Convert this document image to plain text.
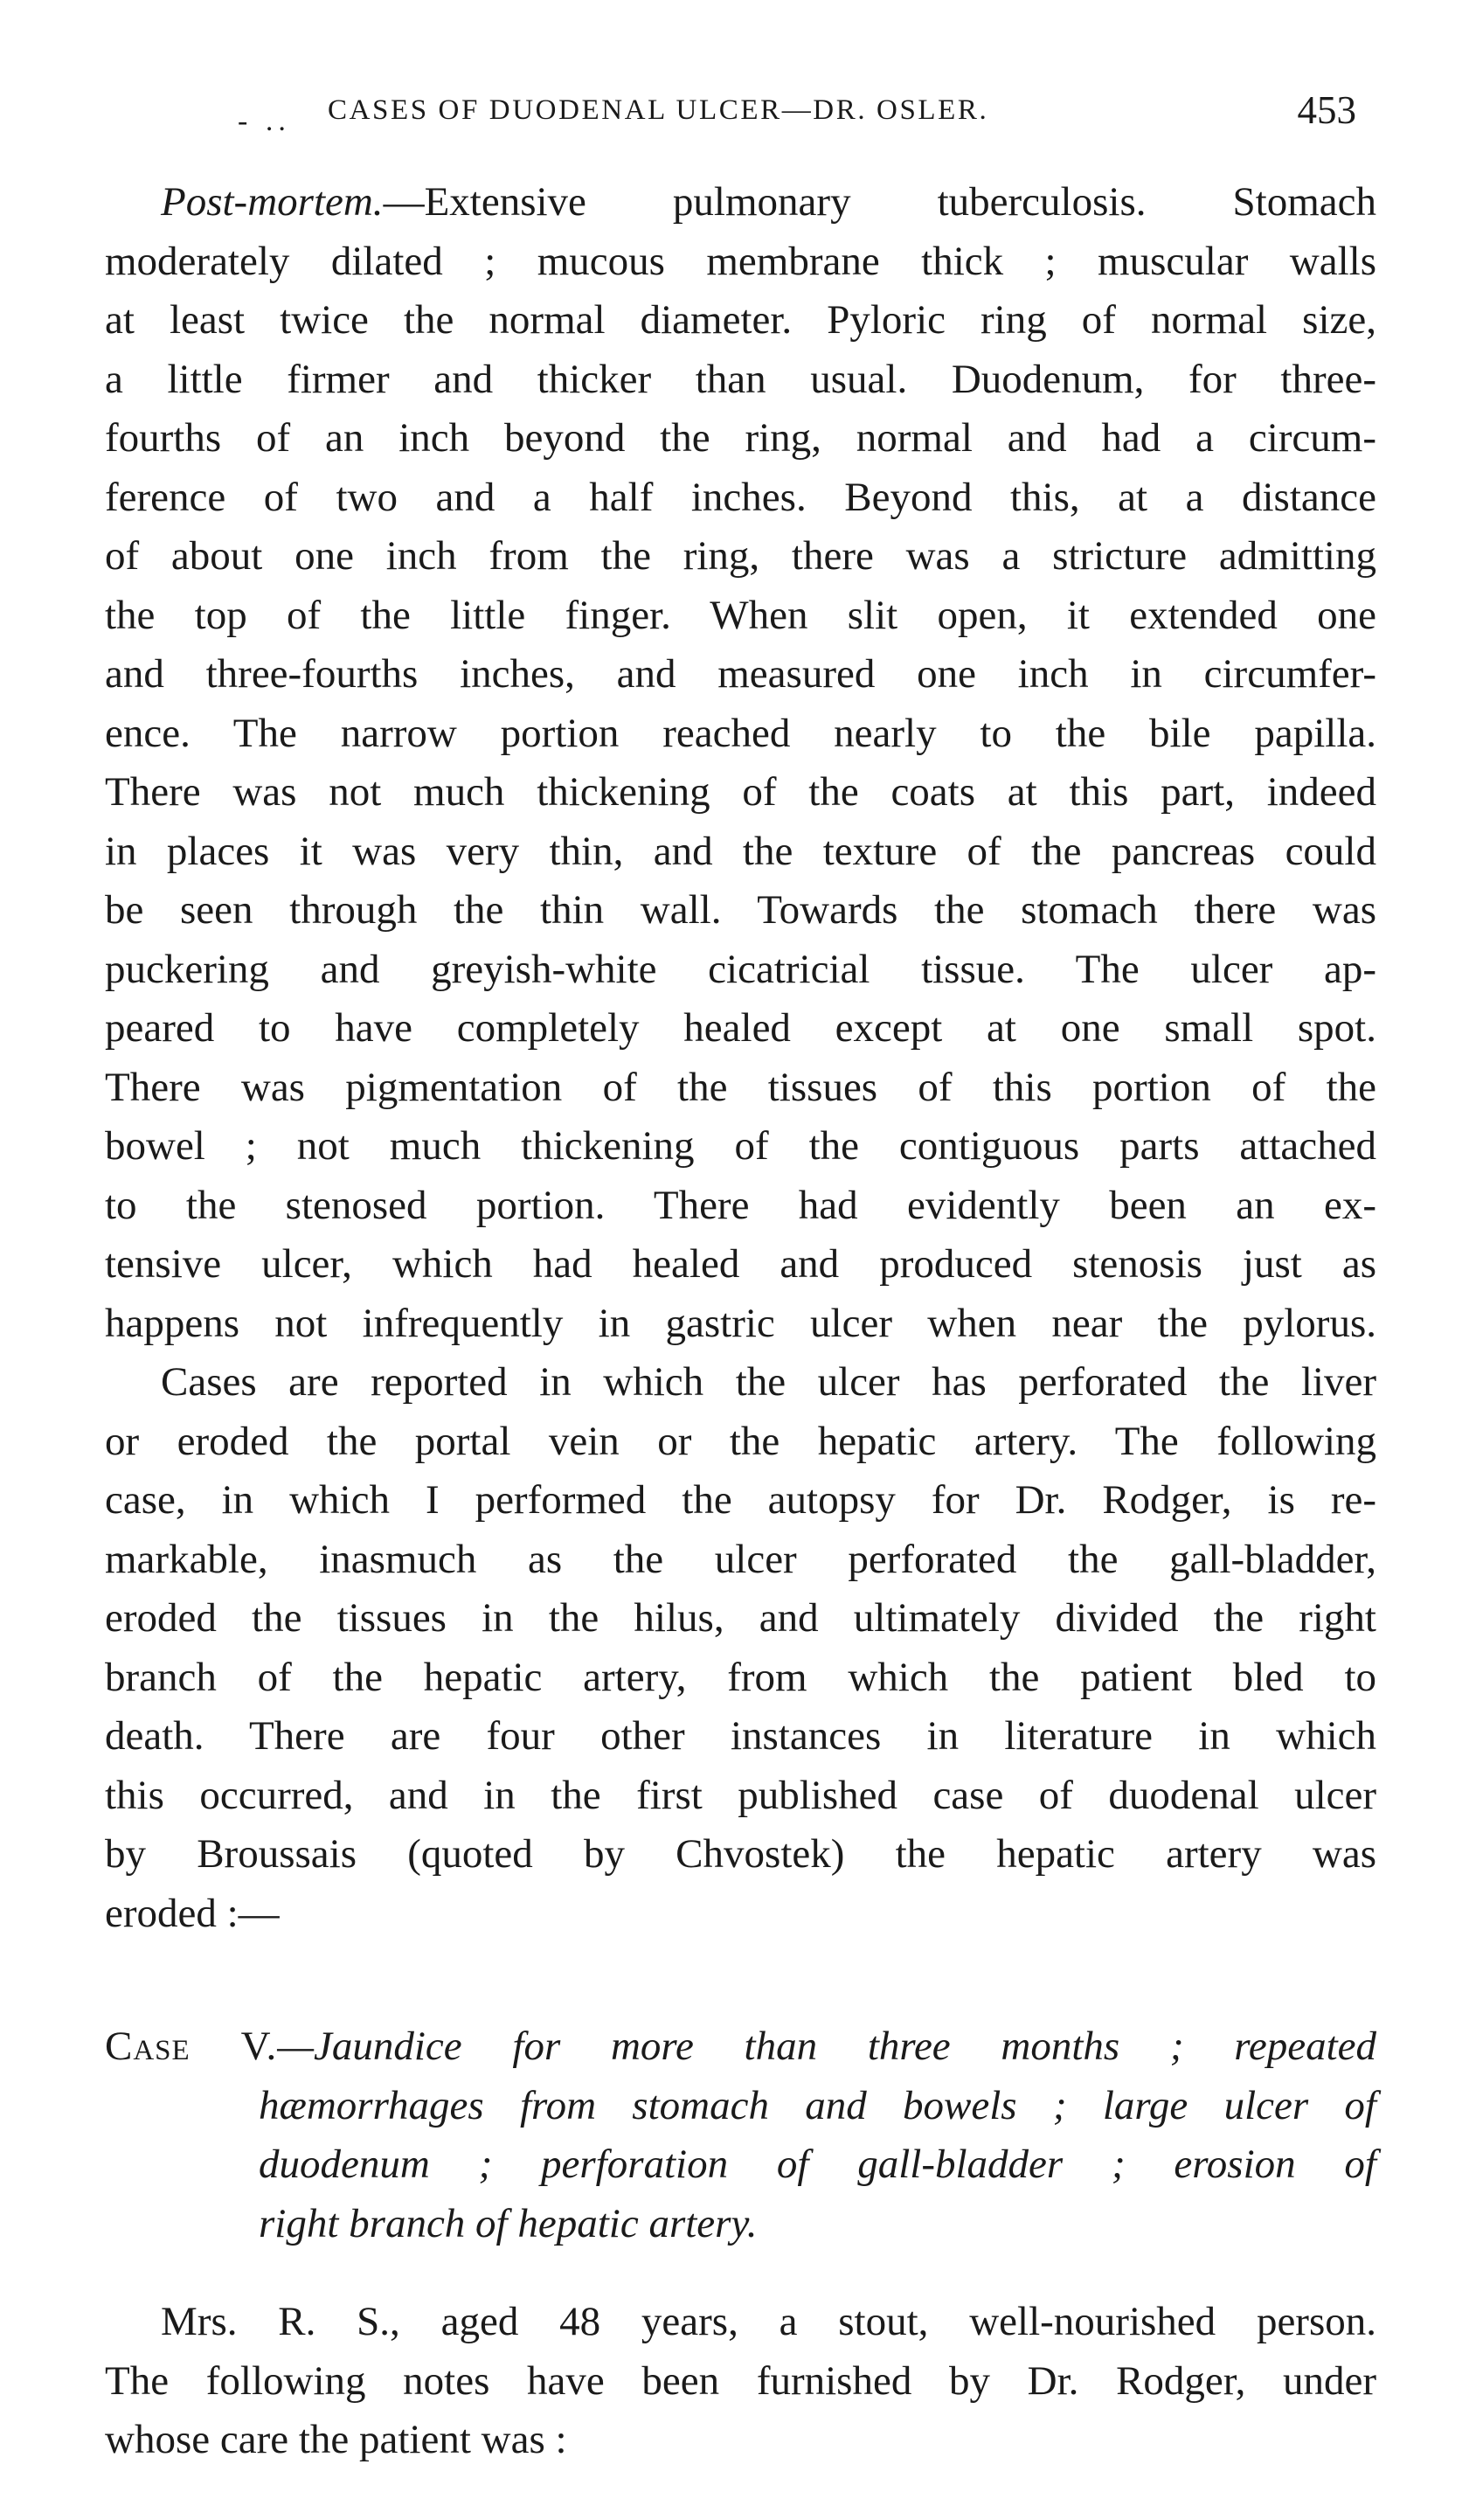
- .. CASES OF DUODENAL ULCER—DR. OSLER.	453
Post-mortem.—Extensive pulmonary tuberculosis. Stomach
moderately dilated ; mucous membrane thick ; muscular walls
at least twice the normal diameter. Pyloric ring of normal size,
a little firmer and thicker than usual. Duodenum, for three-
fourths of an inch beyond the ring, normal and had a circum-
ference of two and a half inches. Beyond this, at a distance
of about one inch from the ring, there was a stricture admitting
the top of the little finger. When slit open, it extended one
and three-fourths inches, and measured one inch in circumfer-
ence. The narrow portion reached nearly to the bile papilla.
There was not much thickening of the coats at this part, indeed
in places it was very thin, and the texture of the pancreas could
be seen through the thin wall. Towards the stomach there was
puckering and greyish-white cicatricial tissue. The ulcer ap-
peared to have completely healed except at one small spot.
There was pigmentation of the tissues of this portion of the
bowel ; not much thickening of the contiguous parts attached
to the stenosed portion. There had evidently been an ex-
tensive ulcer, which had healed and produced stenosis just as
happens not infrequently in gastric ulcer when near the pylorus.
Cases are reported in which the ulcer has perforated the liver
or eroded the portal vein or the hepatic artery. The following
case, in which I performed the autopsy for Dr. Rodger, is re-
markable, inasmuch as the ulcer perforated the gall-bladder,
eroded the tissues in the hilus, and ultimately divided the right
branch of the hepatic artery, from which the patient bled to
death. There are four other instances in literature in which
this occurred, and in the first published case of duodenal ulcer
by Broussais (quoted by Chvostek) the hepatic artery was
eroded :—
Case V.—Jaundice for more than three months ; repeated
hæmorrhages from stomach and bowels ; large ulcer of
duodenum ; perforation of gall-bladder ; erosion of
right branch of hepatic artery.
Mrs. R. S., aged 48 years, a stout, well-nourished person.
The following notes have been furnished by Dr. Rodger, under
whose care the patient was :
